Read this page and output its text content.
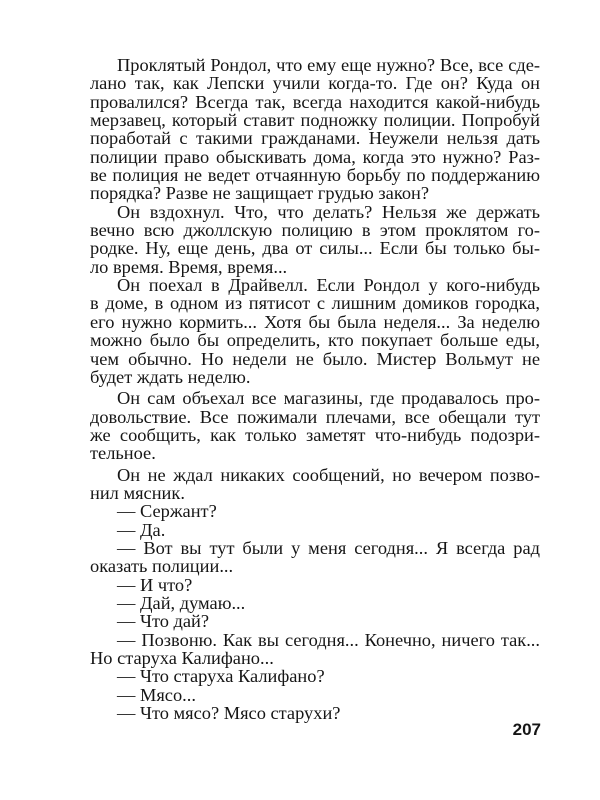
Проклятый Рондол, что ему еще нужно? Все, все сде-
лано так, как Лепски учили когда-то. Где он? Куда он
провалился? Всегда так, всегда находится какой-нибудь
мерзавец, который ставит подножку полиции. Попробуй
поработай с такими гражданами. Неужели нельзя дать
полиции право обыскивать дома, когда это нужно? Раз-
ве полиция не ведет отчаянную борьбу по поддержанию
порядка? Разве не защищает грудью закон?
Он вздохнул. Что, что делать? Нельзя же держать
вечно всю джоллскую полицию в этом проклятом го-
родке. Ну, еще день, два от силы... Если бы только бы-
ло время. Время, время...
Он поехал в Драйвелл. Если Рондол у кого-нибудь
в доме, в одном из пятисот с лишним домиков городка,
его нужно кормить... Хотя бы была неделя... За неделю
можно было бы определить, кто покупает больше еды,
чем обычно. Но недели не было. Мистер Вольмут не
будет ждать неделю.
Он сам объехал все магазины, где продавалось про-
довольствие. Все пожимали плечами, все обещали тут
же сообщить, как только заметят что-нибудь подозри-
тельное.
Он не ждал никаких сообщений, но вечером позво-
нил мясник.
— Сержант?
— Да.
— Вот вы тут были у меня сегодня... Я всегда рад
оказать полиции...
— И что?
— Дай, думаю...
— Что дай?
— Позвоню. Как вы сегодня... Конечно, ничего так...
Но старуха Калифано...
— Что старуха Калифано?
— Мясо...
— Что мясо? Мясо старухи?
207
